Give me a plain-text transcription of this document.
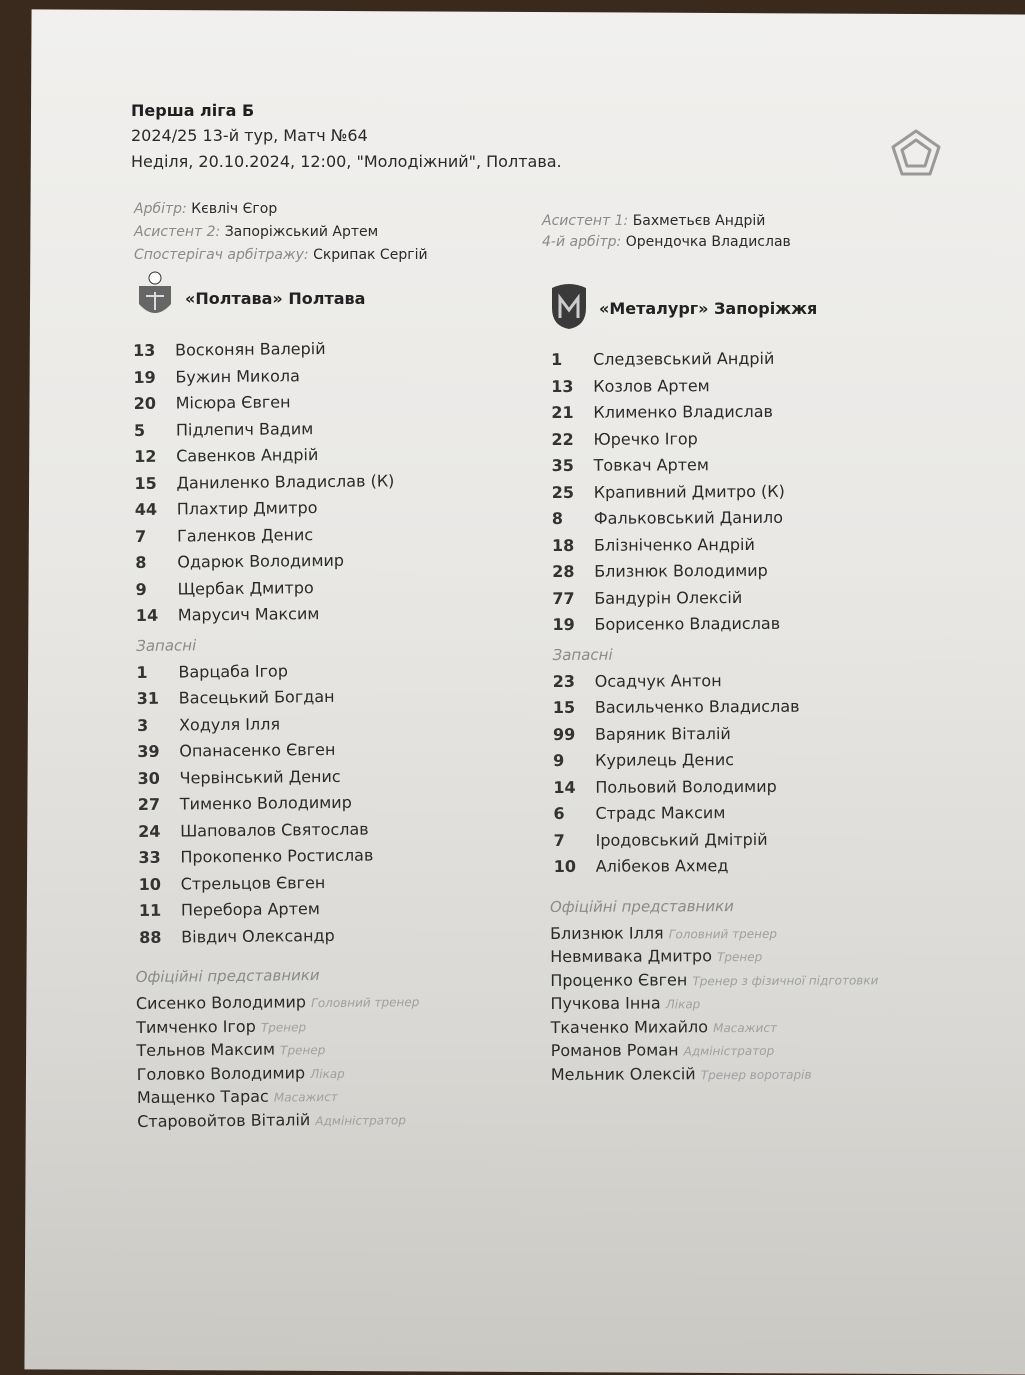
Перша ліга Б
2024/25 13-й тур, Матч №64
Неділя, 20.10.2024, 12:00, "Молодіжний", Полтава.
Арбітр: Кєвліч Єгор
Асистент 2: Запоріжський Артем
Спостерігач арбітражу: Скрипак Сергій
Асистент 1: Бахметьєв Андрій
4-й арбітр: Орендочка Владислав
«Полтава» Полтава
«Металург» Запоріжжя
13 Восконян Валерій
19 Бужин Микола
20 Місюра Євген
5 Підлепич Вадим
12 Савенков Андрій
15 Даниленко Владислав (К)
44 Плахтир Дмитро
7 Галенков Денис
8 Одарюк Володимир
9 Щербак Дмитро
14 Марусич Максим
Запасні
1 Варцаба Ігор
31 Васецький Богдан
3 Ходуля Ілля
39 Опанасенко Євген
30 Червінський Денис
27 Тименко Володимир
24 Шаповалов Святослав
33 Прокопенко Ростислав
10 Стрельцов Євген
11 Перебора Артем
88 Вівдич Олександр
Офіційні представники
Сисенко Володимир Головний тренер
Тимченко Ігор Тренер
Тельнов Максим Тренер
Головко Володимир Лікар
Мащенко Тарас Масажист
Старовойтов Віталій Адміністратор
1 Следзевський Андрій
13 Козлов Артем
21 Клименко Владислав
22 Юречко Ігор
35 Товкач Артем
25 Крапивний Дмитро (К)
8 Фальковський Данило
18 Блізніченко Андрій
28 Близнюк Володимир
77 Бандурін Олексій
19 Борисенко Владислав
Запасні
23 Осадчук Антон
15 Васильченко Владислав
99 Варяник Віталій
9 Курилець Денис
14 Польовий Володимир
6 Страдс Максим
7 Іродовський Дмітрій
10 Алібеков Ахмед
Офіційні представники
Близнюк Ілля Головний тренер
Невмивака Дмитро Тренер
Проценко Євген Тренер з фізичної підготовки
Пучкова Інна Лікар
Ткаченко Михайло Масажист
Романов Роман Адміністратор
Мельник Олексій Тренер воротарів
